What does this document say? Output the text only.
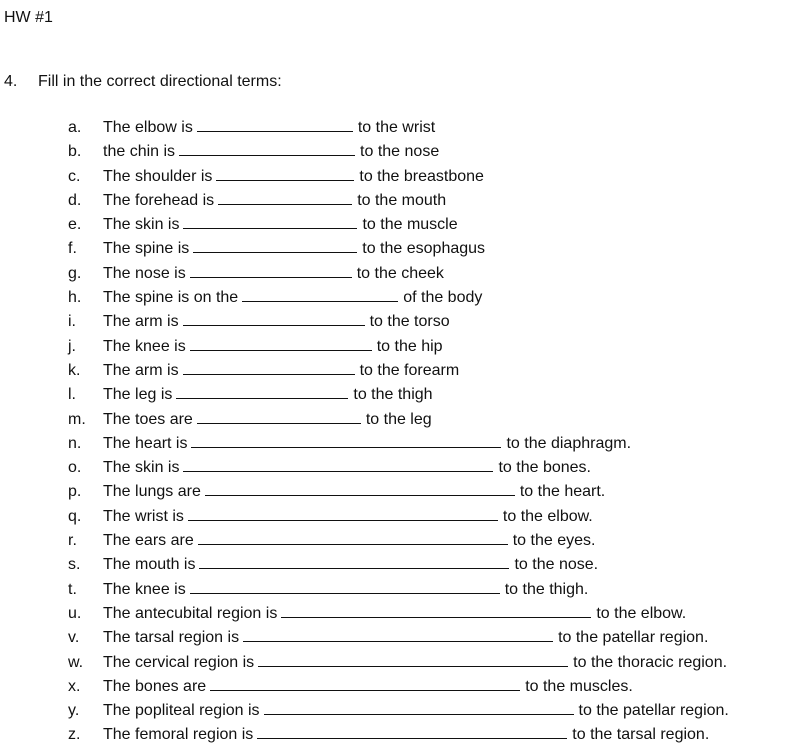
HW #1
4. Fill in the correct directional terms:
a. The elbow is	to the wrist
b. the chin is	to the nose
c. The shoulder is	to the breastbone
d. The forehead is	to the mouth
e. The skin is	to the muscle
f. The spine is	to the esophagus
g. The nose is	to the cheek
h. The spine is on the	of the body
i. The arm is	to the torso
j. The knee is	to the hip
k. The arm is	to the forearm
l. The leg is	to the thigh
m. The toes are	to the leg
n. The heart is	to the diaphragm.
o. The skin is	to the bones.
p. The lungs are	to the heart.
q. The wrist is	to the elbow.
r. The ears are	to the eyes.
s. The mouth is	to the nose.
t. The knee is	to the thigh.
u. The antecubital region is	to the elbow.
v. The tarsal region is	to the patellar region.
w. The cervical region is	to the thoracic region.
x. The bones are	to the muscles.
y. The popliteal region is	to the patellar region.
z. The femoral region is	to the tarsal region.
